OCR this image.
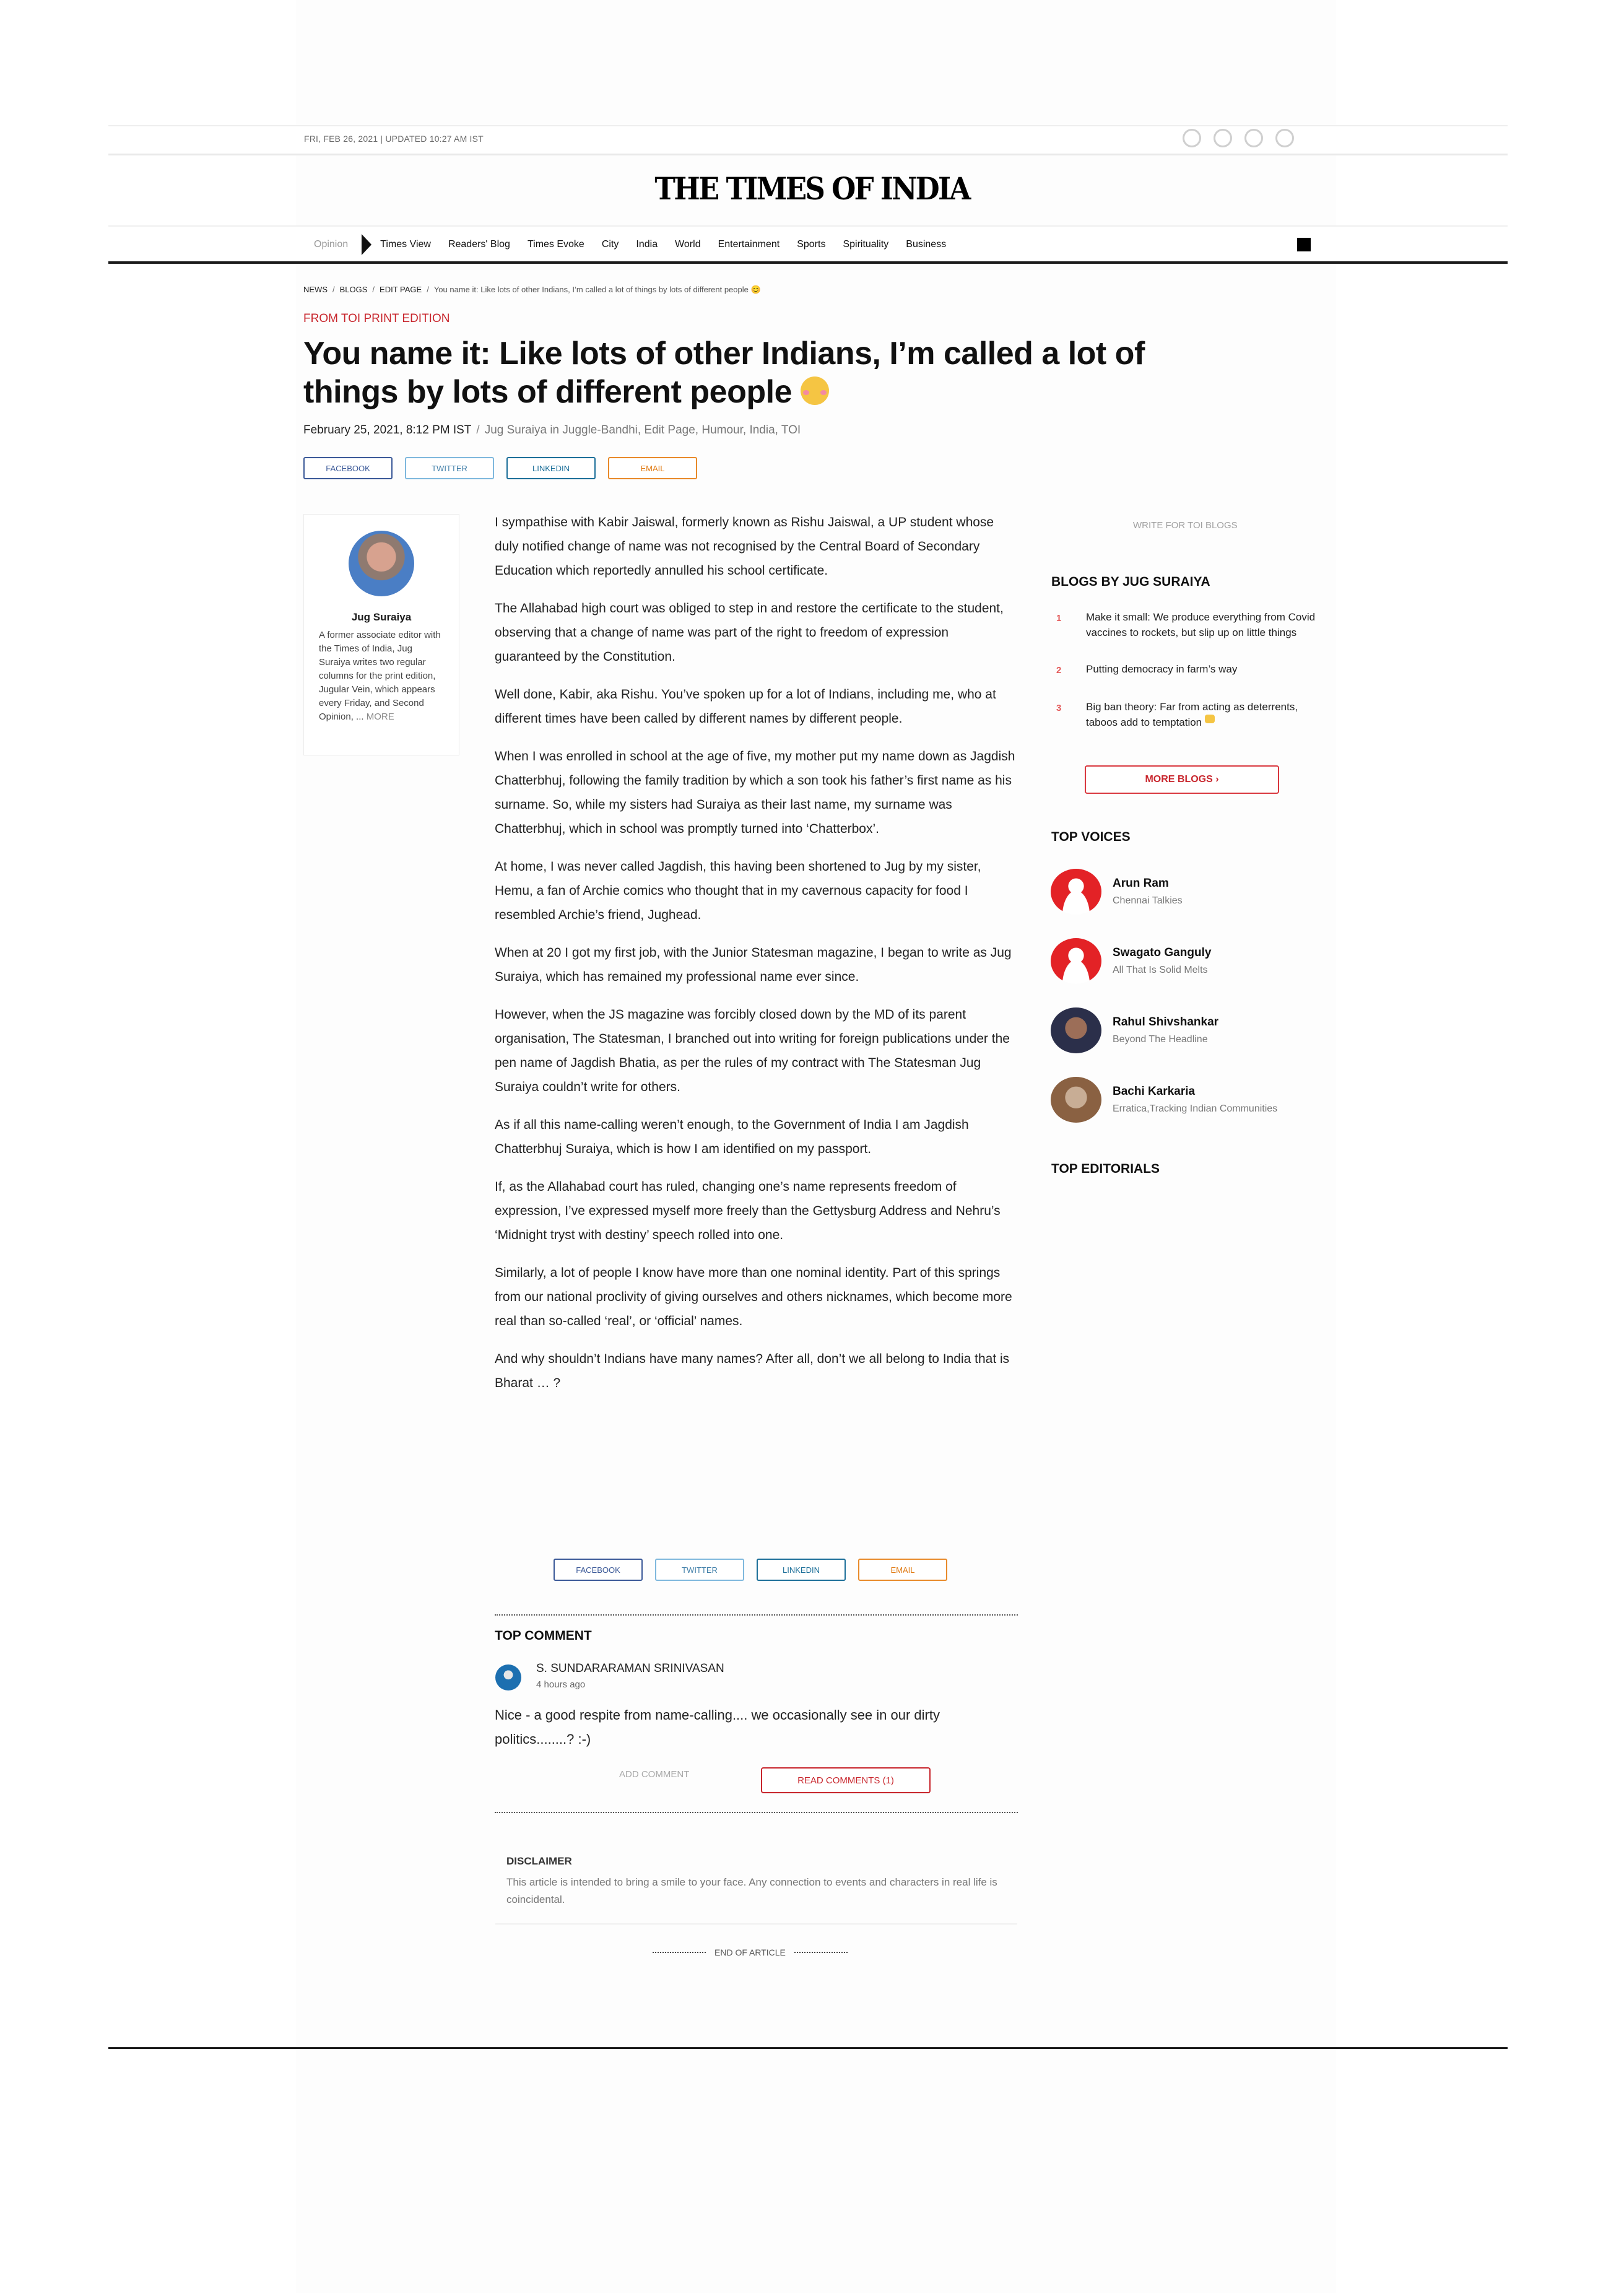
FRI, FEB 26, 2021 | UPDATED 10:27 AM IST
THE TIMES OF INDIA
Opinion	Times View Readers' Blog Times Evoke City India World Entertainment Sports Spirituality Business
NEWS / BLOGS / EDIT PAGE / You name it: Like lots of other Indians, I’m called a lot of things by lots of different people 😊
FROM TOI PRINT EDITION
You name it: Like lots of other Indians, I’m called a lot of things by lots of different people
February 25, 2021, 8:12 PM IST / Jug Suraiya in Juggle-Bandhi, Edit Page, Humour, India, TOI
FACEBOOK	TWITTER	LINKEDIN	EMAIL
Jug Suraiya
A former associate editor with the Times of India, Jug Suraiya writes two regular columns for the print edition, Jugular Vein, which appears every Friday, and Second Opinion, ... MORE

I sympathise with Kabir Jaiswal, formerly known as Rishu Jaiswal, a UP student whose duly notified change of name was not recognised by the Central Board of Secondary Education which reportedly annulled his school certificate.

The Allahabad high court was obliged to step in and restore the certificate to the student, observing that a change of name was part of the right to freedom of expression guaranteed by the Constitution.

Well done, Kabir, aka Rishu. You’ve spoken up for a lot of Indians, including me, who at different times have been called by different names by different people.

When I was enrolled in school at the age of five, my mother put my name down as Jagdish Chatterbhuj, following the family tradition by which a son took his father’s first name as his surname. So, while my sisters had Suraiya as their last name, my surname was Chatterbhuj, which in school was promptly turned into ‘Chatterbox’.

At home, I was never called Jagdish, this having been shortened to Jug by my sister, Hemu, a fan of Archie comics who thought that in my cavernous capacity for food I resembled Archie’s friend, Jughead.

When at 20 I got my first job, with the Junior Statesman magazine, I began to write as Jug Suraiya, which has remained my professional name ever since.

However, when the JS magazine was forcibly closed down by the MD of its parent organisation, The Statesman, I branched out into writing for foreign publications under the pen name of Jagdish Bhatia, as per the rules of my contract with The Statesman Jug Suraiya couldn’t write for others.

As if all this name-calling weren’t enough, to the Government of India I am Jagdish Chatterbhuj Suraiya, which is how I am identified on my passport.

If, as the Allahabad court has ruled, changing one’s name represents freedom of expression, I’ve expressed myself more freely than the Gettysburg Address and Nehru’s ‘Midnight tryst with destiny’ speech rolled into one.

Similarly, a lot of people I know have more than one nominal identity. Part of this springs from our national proclivity of giving ourselves and others nicknames, which become more real than so-called ‘real’, or ‘official’ names.

And why shouldn’t Indians have many names? After all, don’t we all belong to India that is Bharat … ?

FACEBOOK	TWITTER	LINKEDIN	EMAIL
TOP COMMENT
S. SUNDARARAMAN SRINIVASAN
4 hours ago
Nice - a good respite from name-calling.... we occasionally see in our dirty politics........? :-)
ADD COMMENT
READ COMMENTS (1)
DISCLAIMER

This article is intended to bring a smile to your face. Any connection to events and characters in real life is coincidental.

END OF ARTICLE
WRITE FOR TOI BLOGS
BLOGS BY JUG SURAIYA
1	Make it small: We produce everything from Covid vaccines to rockets, but slip up on little things
2	Putting democracy in farm’s way
3	Big ban theory: Far from acting as deterrents, taboos add to temptation
MORE BLOGS ›
TOP VOICES
Arun Ram
Chennai Talkies
Swagato Ganguly
All That Is Solid Melts
Rahul Shivshankar
Beyond The Headline
Bachi Karkaria
Erratica,Tracking Indian Communities
TOP EDITORIALS
